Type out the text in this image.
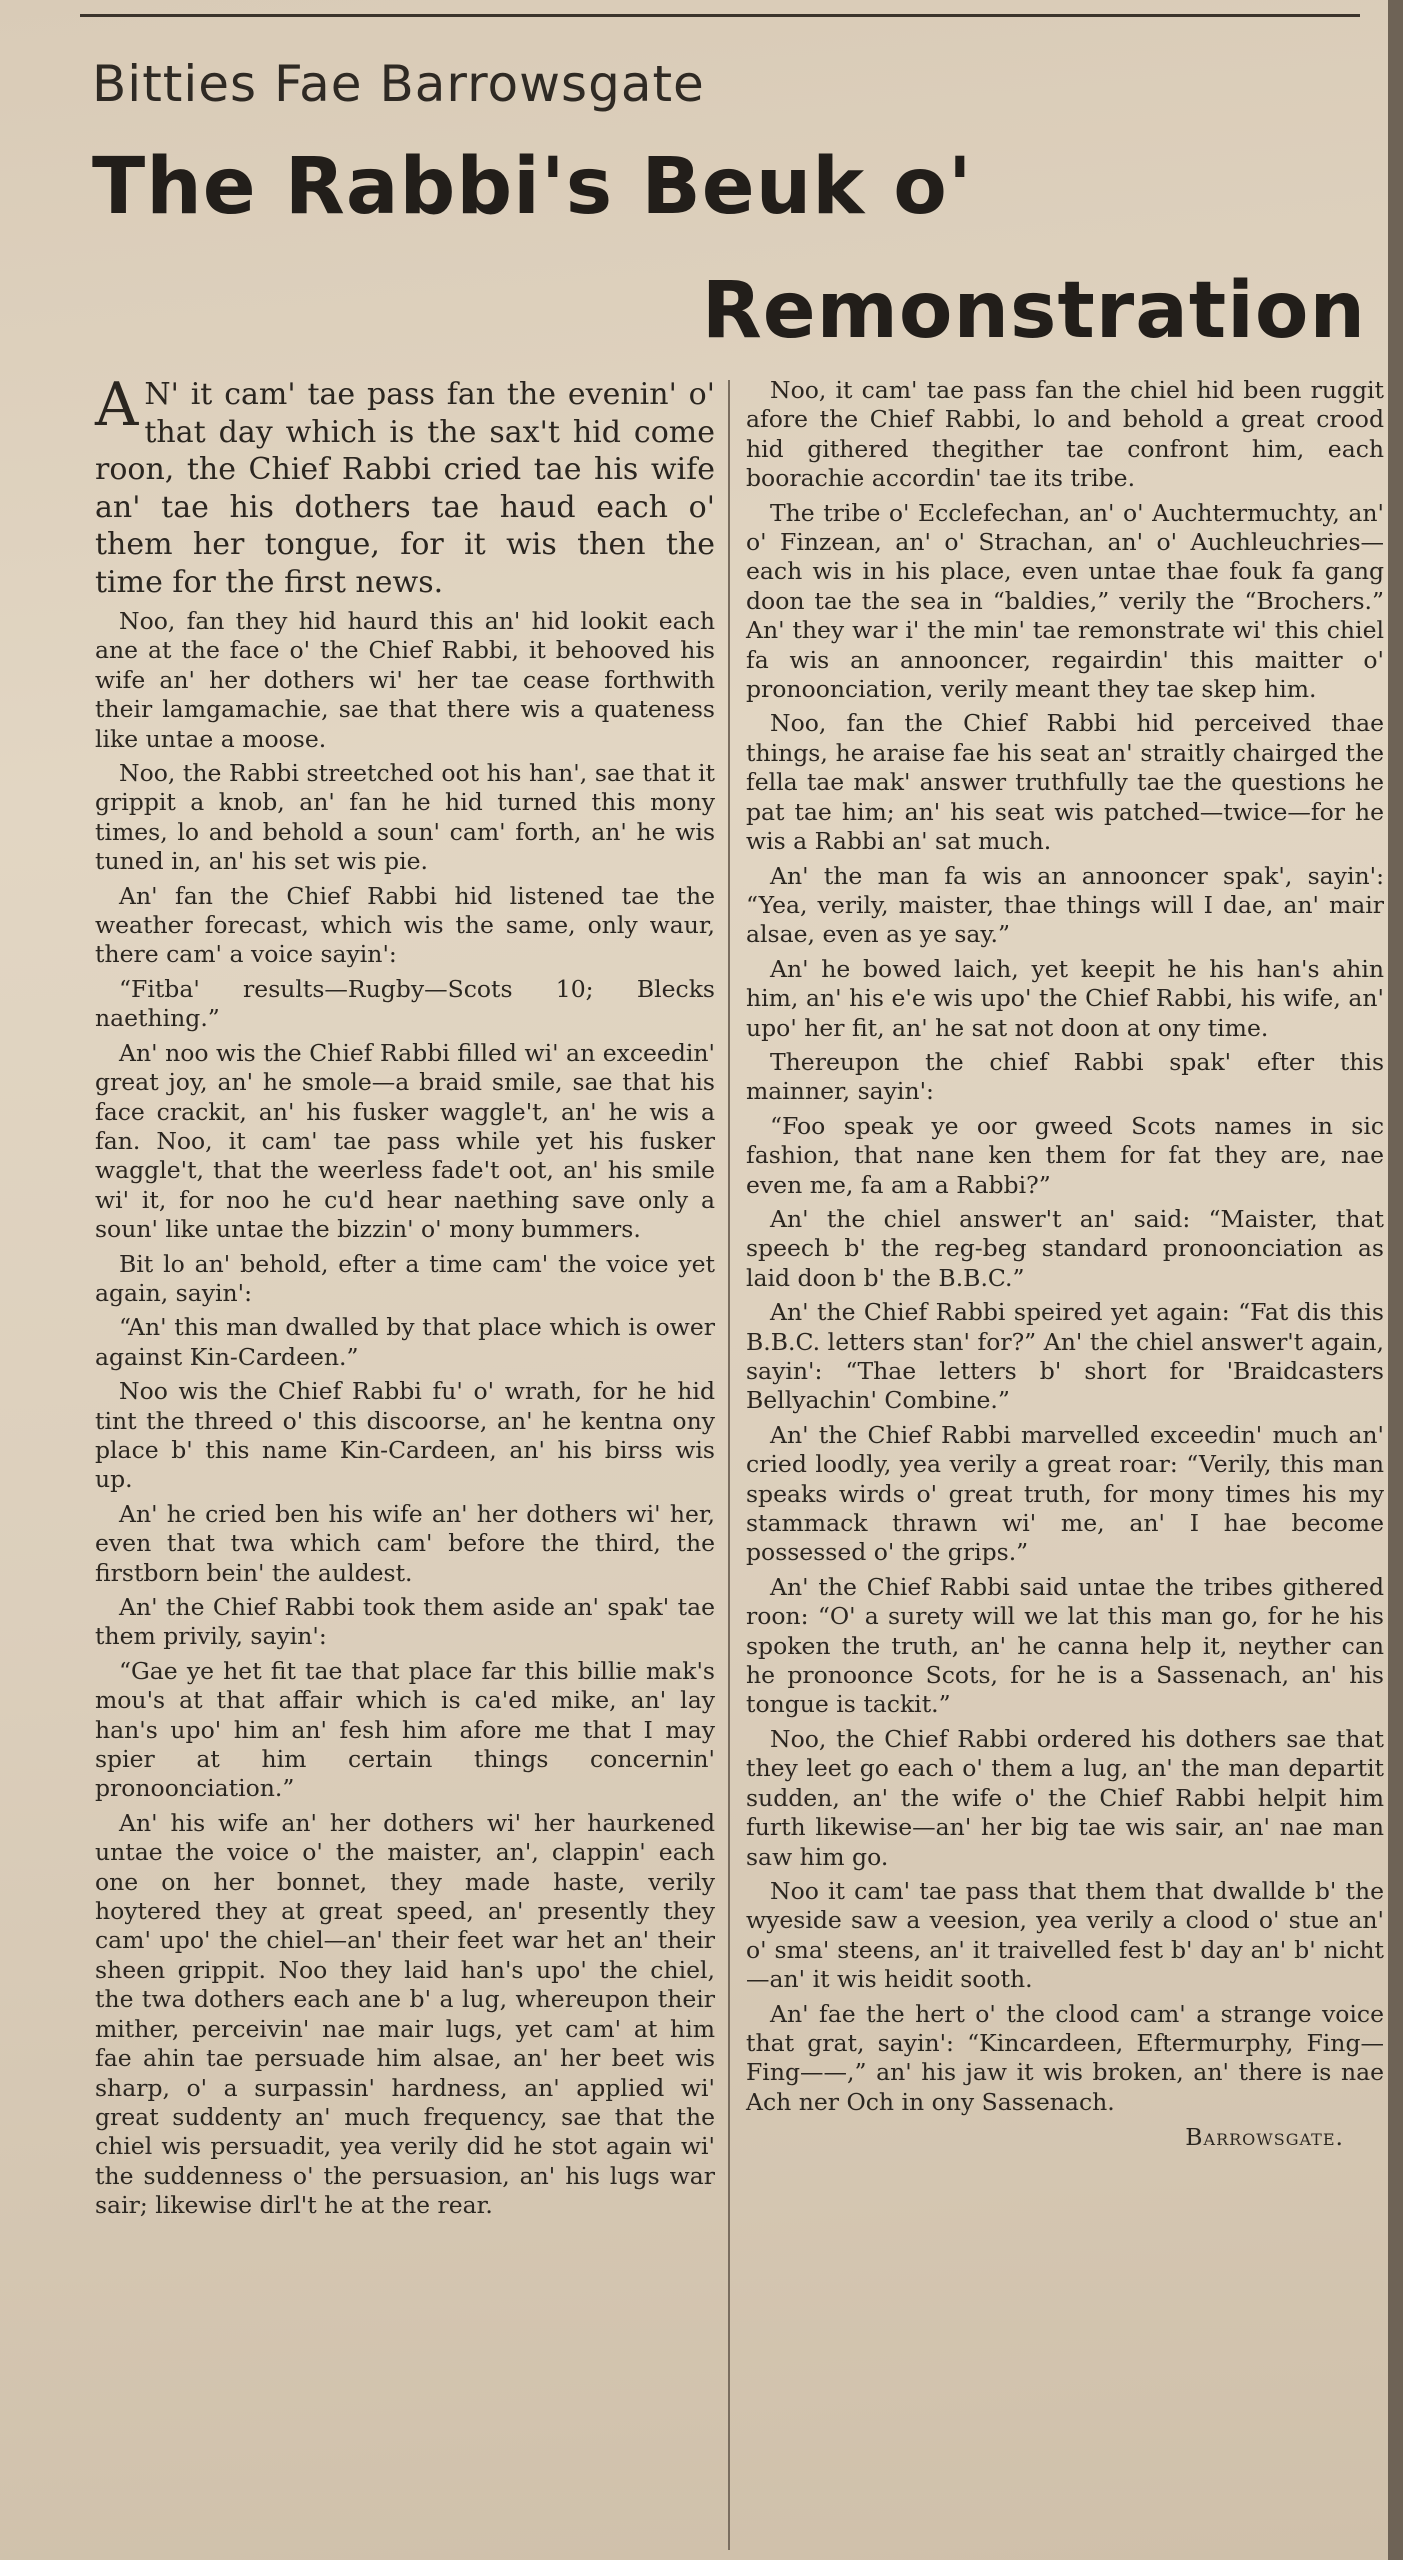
Bitties Fae Barrowsgate
The Rabbi's Beuk o'
Remonstration

A N' it cam' tae pass fan the evenin' o' that day which is the sax't hid come roon, the Chief Rabbi cried tae his wife an' tae his dothers tae haud each o' them her tongue, for it wis then the time for the first news.

Noo, fan they hid haurd this an' hid lookit each ane at the face o' the Chief Rabbi, it behooved his wife an' her dothers wi' her tae cease forthwith their lamgamachie, sae that there wis a quateness like untae a moose.

Noo, the Rabbi streetched oot his han', sae that it grippit a knob, an' fan he hid turned this mony times, lo and behold a soun' cam' forth, an' he wis tuned in, an' his set wis pie.

An' fan the Chief Rabbi hid listened tae the weather forecast, which wis the same, only waur, there cam' a voice sayin':

“Fitba' results—Rugby—Scots 10; Blecks naething.”

An' noo wis the Chief Rabbi filled wi' an exceedin' great joy, an' he smole—a braid smile, sae that his face crackit, an' his fusker waggle't, an' he wis a fan. Noo, it cam' tae pass while yet his fusker waggle't, that the weerless fade't oot, an' his smile wi' it, for noo he cu'd hear naething save only a soun' like untae the bizzin' o' mony bummers.

Bit lo an' behold, efter a time cam' the voice yet again, sayin':

“An' this man dwalled by that place which is ower against Kin-Cardeen.”

Noo wis the Chief Rabbi fu' o' wrath, for he hid tint the threed o' this discoorse, an' he kentna ony place b' this name Kin-Cardeen, an' his birss wis up.

An' he cried ben his wife an' her dothers wi' her, even that twa which cam' before the third, the firstborn bein' the auldest.

An' the Chief Rabbi took them aside an' spak' tae them privily, sayin':

“Gae ye het fit tae that place far this billie mak's mou's at that affair which is ca'ed mike, an' lay han's upo' him an' fesh him afore me that I may spier at him certain things concernin' pronoonciation.”

An' his wife an' her dothers wi' her haurkened untae the voice o' the maister, an', clappin' each one on her bonnet, they made haste, verily hoytered they at great speed, an' presently they cam' upo' the chiel—an' their feet war het an' their sheen grippit. Noo they laid han's upo' the chiel, the twa dothers each ane b' a lug, whereupon their mither, perceivin' nae mair lugs, yet cam' at him fae ahin tae persuade him alsae, an' her beet wis sharp, o' a surpassin' hardness, an' applied wi' great suddenty an' much frequency, sae that the chiel wis persuadit, yea verily did he stot again wi' the suddenness o' the persuasion, an' his lugs war sair; likewise dirl't he at the rear.

Noo, it cam' tae pass fan the chiel hid been ruggit afore the Chief Rabbi, lo and behold a great crood hid githered thegither tae confront him, each boorachie accordin' tae its tribe.

The tribe o' Ecclefechan, an' o' Auchtermuchty, an' o' Finzean, an' o' Strachan, an' o' Auchleuchries—each wis in his place, even untae thae fouk fa gang doon tae the sea in “baldies,” verily the “Brochers.” An' they war i' the min' tae remonstrate wi' this chiel fa wis an annooncer, regairdin' this maitter o' pronoonciation, verily meant they tae skep him.

Noo, fan the Chief Rabbi hid perceived thae things, he araise fae his seat an' straitly chairged the fella tae mak' answer truthfully tae the questions he pat tae him; an' his seat wis patched—twice—for he wis a Rabbi an' sat much.

An' the man fa wis an annooncer spak', sayin': “Yea, verily, maister, thae things will I dae, an' mair alsae, even as ye say.”

An' he bowed laich, yet keepit he his han's ahin him, an' his e'e wis upo' the Chief Rabbi, his wife, an' upo' her fit, an' he sat not doon at ony time.

Thereupon the chief Rabbi spak' efter this mainner, sayin':

“Foo speak ye oor gweed Scots names in sic fashion, that nane ken them for fat they are, nae even me, fa am a Rabbi?”

An' the chiel answer't an' said: “Maister, that speech b' the reg-beg standard pronoonciation as laid doon b' the B.B.C.”

An' the Chief Rabbi speired yet again: “Fat dis this B.B.C. letters stan' for?” An' the chiel answer't again, sayin': “Thae letters b' short for 'Braidcasters Bellyachin' Combine.”

An' the Chief Rabbi marvelled exceedin' much an' cried loodly, yea verily a great roar: “Verily, this man speaks wirds o' great truth, for mony times his my stammack thrawn wi' me, an' I hae become possessed o' the grips.”

An' the Chief Rabbi said untae the tribes githered roon: “O' a surety will we lat this man go, for he his spoken the truth, an' he canna help it, neyther can he pronoonce Scots, for he is a Sassenach, an' his tongue is tackit.”

Noo, the Chief Rabbi ordered his dothers sae that they leet go each o' them a lug, an' the man departit sudden, an' the wife o' the Chief Rabbi helpit him furth likewise—an' her big tae wis sair, an' nae man saw him go.

Noo it cam' tae pass that them that dwallde b' the wyeside saw a veesion, yea verily a clood o' stue an' o' sma' steens, an' it traivelled fest b' day an' b' nicht—an' it wis heidit sooth.

An' fae the hert o' the clood cam' a strange voice that grat, sayin': “Kincardeen, Eftermurphy, Fing—Fing——,” an' his jaw it wis broken, an' there is nae Ach ner Och in ony Sassenach.

Barrowsgate.
